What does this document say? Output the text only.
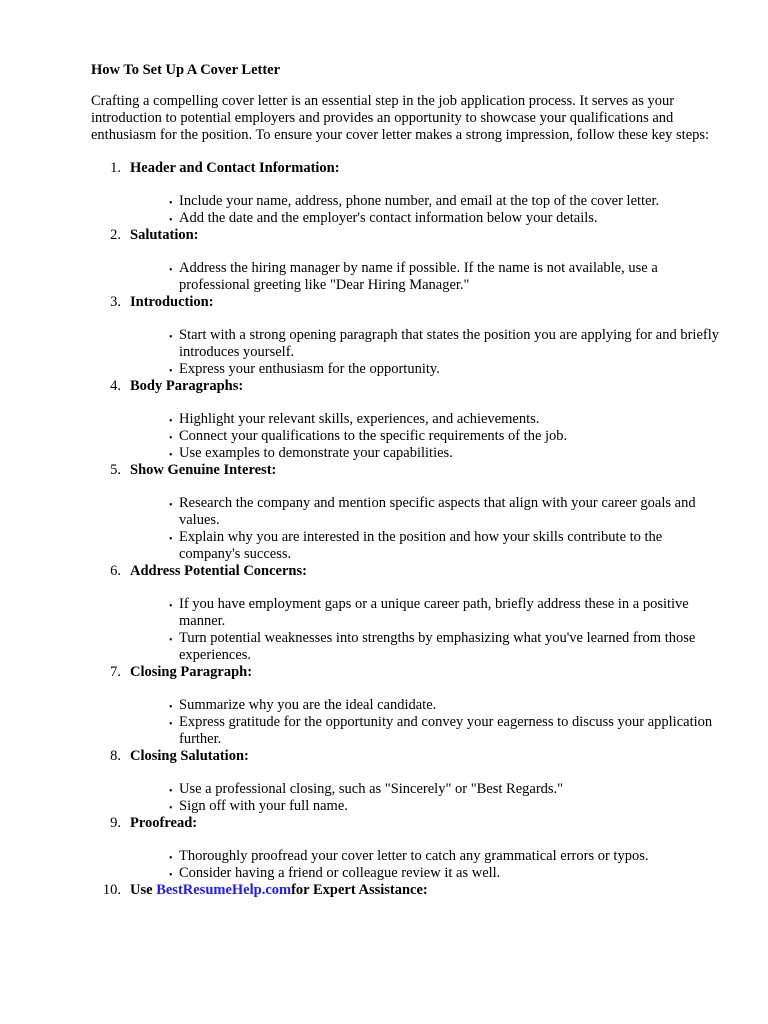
How To Set Up A Cover Letter
Crafting a compelling cover letter is an essential step in the job application process. It serves as your introduction to potential employers and provides an opportunity to showcase your qualifications and enthusiasm for the position. To ensure your cover letter makes a strong impression, follow these key steps:
1. Header and Contact Information:
• Include your name, address, phone number, and email at the top of the cover letter.
• Add the date and the employer's contact information below your details.
2. Salutation:
• Address the hiring manager by name if possible. If the name is not available, use a professional greeting like "Dear Hiring Manager."
3. Introduction:
• Start with a strong opening paragraph that states the position you are applying for and briefly introduces yourself.
• Express your enthusiasm for the opportunity.
4. Body Paragraphs:
• Highlight your relevant skills, experiences, and achievements.
• Connect your qualifications to the specific requirements of the job.
• Use examples to demonstrate your capabilities.
5. Show Genuine Interest:
• Research the company and mention specific aspects that align with your career goals and values.
• Explain why you are interested in the position and how your skills contribute to the company's success.
6. Address Potential Concerns:
• If you have employment gaps or a unique career path, briefly address these in a positive manner.
• Turn potential weaknesses into strengths by emphasizing what you've learned from those experiences.
7. Closing Paragraph:
• Summarize why you are the ideal candidate.
• Express gratitude for the opportunity and convey your eagerness to discuss your application further.
8. Closing Salutation:
• Use a professional closing, such as "Sincerely" or "Best Regards."
• Sign off with your full name.
9. Proofread:
• Thoroughly proofread your cover letter to catch any grammatical errors or typos.
• Consider having a friend or colleague review it as well.
10. Use BestResumeHelp.comfor Expert Assistance:
